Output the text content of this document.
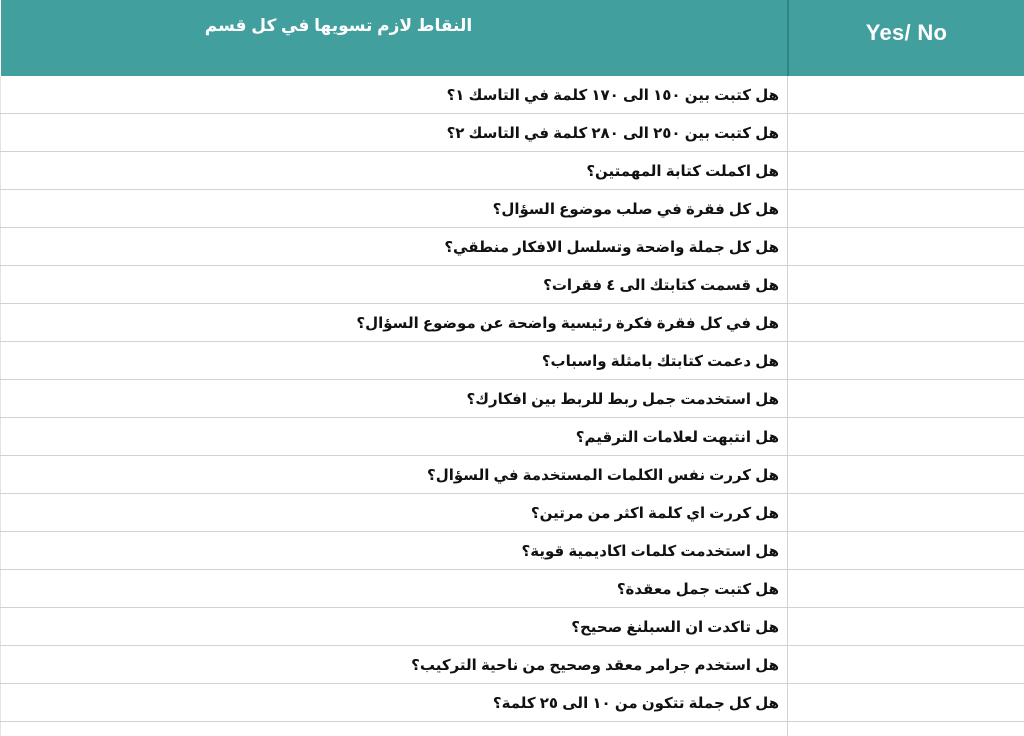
النقاط لازم تسويها في كل قسم	Yes/ No
هل كتبت بين ١٥٠ الى ١٧٠ كلمة في التاسك ١؟	
هل كتبت بين ٢٥٠ الى ٢٨٠ كلمة في التاسك ٢؟	
هل اكملت كتابة المهمتين؟	
هل كل فقرة في صلب موضوع السؤال؟	
هل كل جملة واضحة وتسلسل الافكار منطقي؟	
هل قسمت كتابتك الى ٤ فقرات؟	
هل في كل فقرة فكرة رئيسية واضحة عن موضوع السؤال؟	
هل دعمت كتابتك بامثلة واسباب؟	
هل استخدمت جمل ربط للربط بين افكارك؟	
هل انتبهت لعلامات الترقيم؟	
هل كررت نفس الكلمات المستخدمة في السؤال؟	
هل كررت اي كلمة اكثر من مرتين؟	
هل استخدمت كلمات اكاديمية قوية؟	
هل كتبت جمل معقدة؟	
هل تاكدت ان السبلنغ صحيح؟	
هل استخدم جرامر معقد وصحيح من ناحية التركيب؟	
هل كل جملة تتكون من ١٠ الى ٢٥ كلمة؟	
